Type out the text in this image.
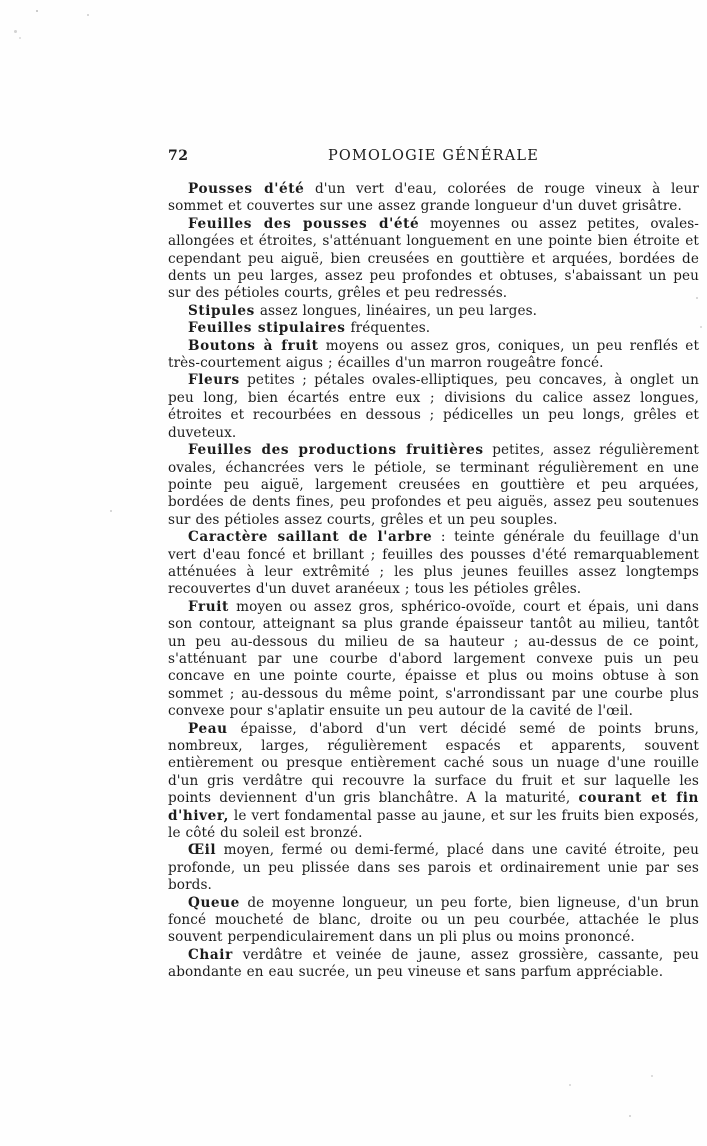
72	POMOLOGIE GÉNÉRALE

Pousses d'été d'un vert d'eau, colorées de rouge vineux à leur sommet et couvertes sur une assez grande longueur d'un duvet grisâtre.

Feuilles des pousses d'été moyennes ou assez petites, ovales-allongées et étroites, s'atténuant longuement en une pointe bien étroite et cependant peu aiguë, bien creusées en gouttière et arquées, bordées de dents un peu larges, assez peu profondes et obtuses, s'abaissant un peu sur des pétioles courts, grêles et peu redressés.

Stipules assez longues, linéaires, un peu larges.

Feuilles stipulaires fréquentes.

Boutons à fruit moyens ou assez gros, coniques, un peu renflés et très-courtement aigus ; écailles d'un marron rougeâtre foncé.

Fleurs petites ; pétales ovales-elliptiques, peu concaves, à onglet un peu long, bien écartés entre eux ; divisions du calice assez longues, étroites et recourbées en dessous ; pédicelles un peu longs, grêles et duveteux.

Feuilles des productions fruitières petites, assez régulièrement ovales, échancrées vers le pétiole, se terminant régulièrement en une pointe peu aiguë, largement creusées en gouttière et peu arquées, bordées de dents fines, peu profondes et peu aiguës, assez peu soutenues sur des pétioles assez courts, grêles et un peu souples.

Caractère saillant de l'arbre : teinte générale du feuillage d'un vert d'eau foncé et brillant ; feuilles des pousses d'été remarquablement atténuées à leur extrêmité ; les plus jeunes feuilles assez longtemps recouvertes d'un duvet aranéeux ; tous les pétioles grêles.

Fruit moyen ou assez gros, sphérico-ovoïde, court et épais, uni dans son contour, atteignant sa plus grande épaisseur tantôt au milieu, tantôt un peu au-dessous du milieu de sa hauteur ; au-dessus de ce point, s'atténuant par une courbe d'abord largement convexe puis un peu concave en une pointe courte, épaisse et plus ou moins obtuse à son sommet ; au-dessous du même point, s'arrondissant par une courbe plus convexe pour s'aplatir ensuite un peu autour de la cavité de l'œil.

Peau épaisse, d'abord d'un vert décidé semé de points bruns, nombreux, larges, régulièrement espacés et apparents, souvent entièrement ou presque entièrement caché sous un nuage d'une rouille d'un gris verdâtre qui recouvre la surface du fruit et sur laquelle les points deviennent d'un gris blanchâtre. A la maturité, courant et fin d'hiver, le vert fondamental passe au jaune, et sur les fruits bien exposés, le côté du soleil est bronzé.

Œil moyen, fermé ou demi-fermé, placé dans une cavité étroite, peu profonde, un peu plissée dans ses parois et ordinairement unie par ses bords.

Queue de moyenne longueur, un peu forte, bien ligneuse, d'un brun foncé moucheté de blanc, droite ou un peu courbée, attachée le plus souvent perpendiculairement dans un pli plus ou moins prononcé.

Chair verdâtre et veinée de jaune, assez grossière, cassante, peu abondante en eau sucrée, un peu vineuse et sans parfum appréciable.
